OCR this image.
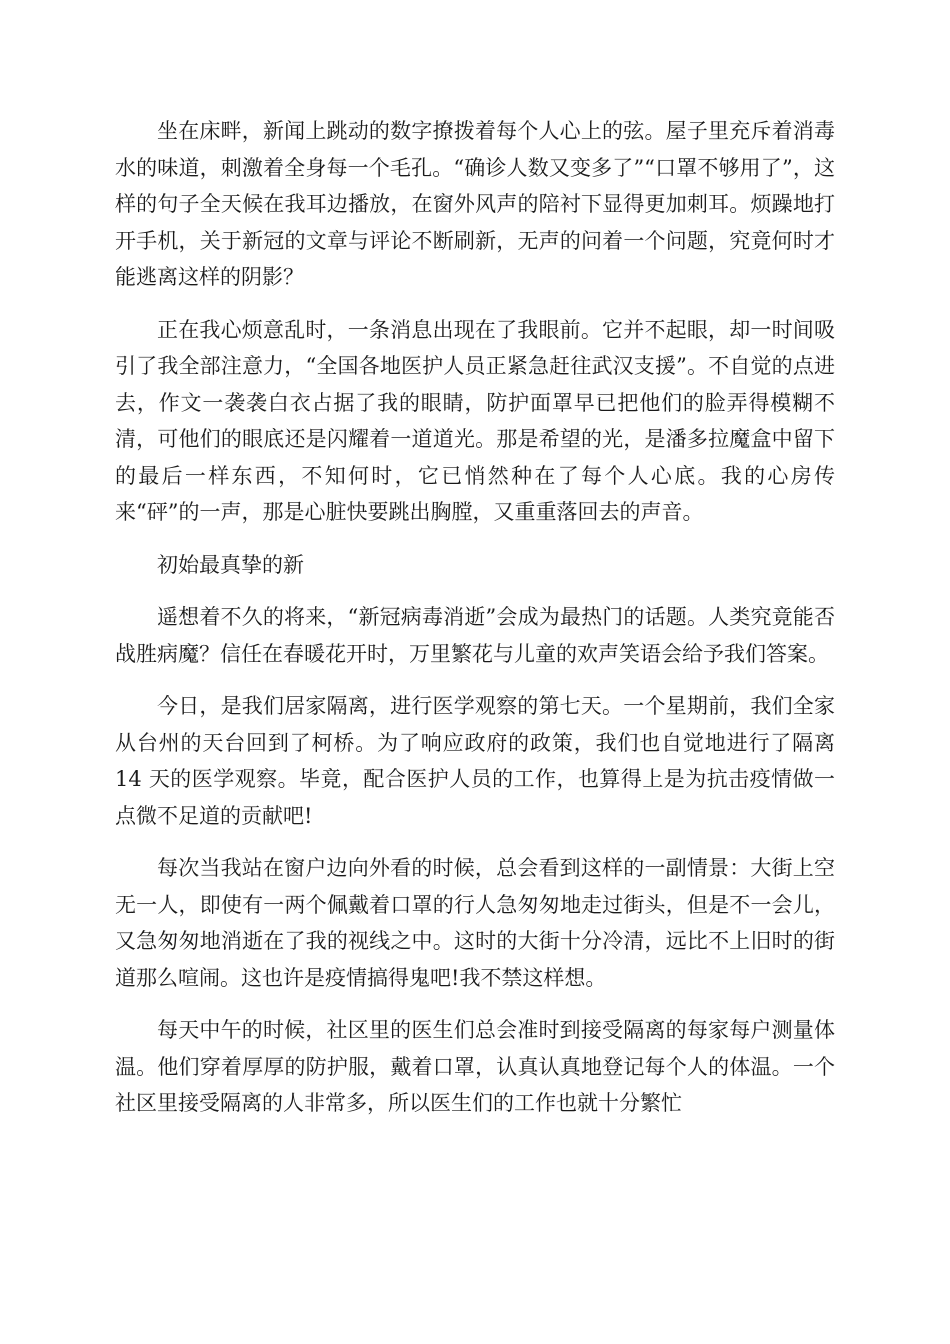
坐在床畔，新闻上跳动的数字撩拨着每个人心上的弦。屋子里充斥着消毒水的味道，刺激着全身每一个毛孔。“确诊人数又变多了”“口罩不够用了”，这样的句子全天候在我耳边播放，在窗外风声的陪衬下显得更加刺耳。烦躁地打开手机，关于新冠的文章与评论不断刷新，无声的问着一个问题，究竟何时才能逃离这样的阴影？

正在我心烦意乱时，一条消息出现在了我眼前。它并不起眼，却一时间吸引了我全部注意力，“全国各地医护人员正紧急赶往武汉支援”。不自觉的点进去，作文一袭袭白衣占据了我的眼睛，防护面罩早已把他们的脸弄得模糊不清，可他们的眼底还是闪耀着一道道光。那是希望的光，是潘多拉魔盒中留下的最后一样东西，不知何时，它已悄然种在了每个人心底。我的心房传来“砰”的一声，那是心脏快要跳出胸膛，又重重落回去的声音。

初始最真挚的新

遥想着不久的将来，“新冠病毒消逝”会成为最热门的话题。人类究竟能否战胜病魔？信任在春暖花开时，万里繁花与儿童的欢声笑语会给予我们答案。

今日，是我们居家隔离，进行医学观察的第七天。一个星期前，我们全家从台州的天台回到了柯桥。为了响应政府的政策，我们也自觉地进行了隔离 14 天的医学观察。毕竟，配合医护人员的工作，也算得上是为抗击疫情做一点微不足道的贡献吧!

每次当我站在窗户边向外看的时候，总会看到这样的一副情景：大街上空无一人，即使有一两个佩戴着口罩的行人急匆匆地走过街头，但是不一会儿，又急匆匆地消逝在了我的视线之中。这时的大街十分冷清，远比不上旧时的街道那么喧闹。这也许是疫情搞得鬼吧!我不禁这样想。

每天中午的时候，社区里的医生们总会准时到接受隔离的每家每户测量体温。他们穿着厚厚的防护服，戴着口罩，认真认真地登记每个人的体温。一个社区里接受隔离的人非常多，所以医生们的工作也就十分繁忙
